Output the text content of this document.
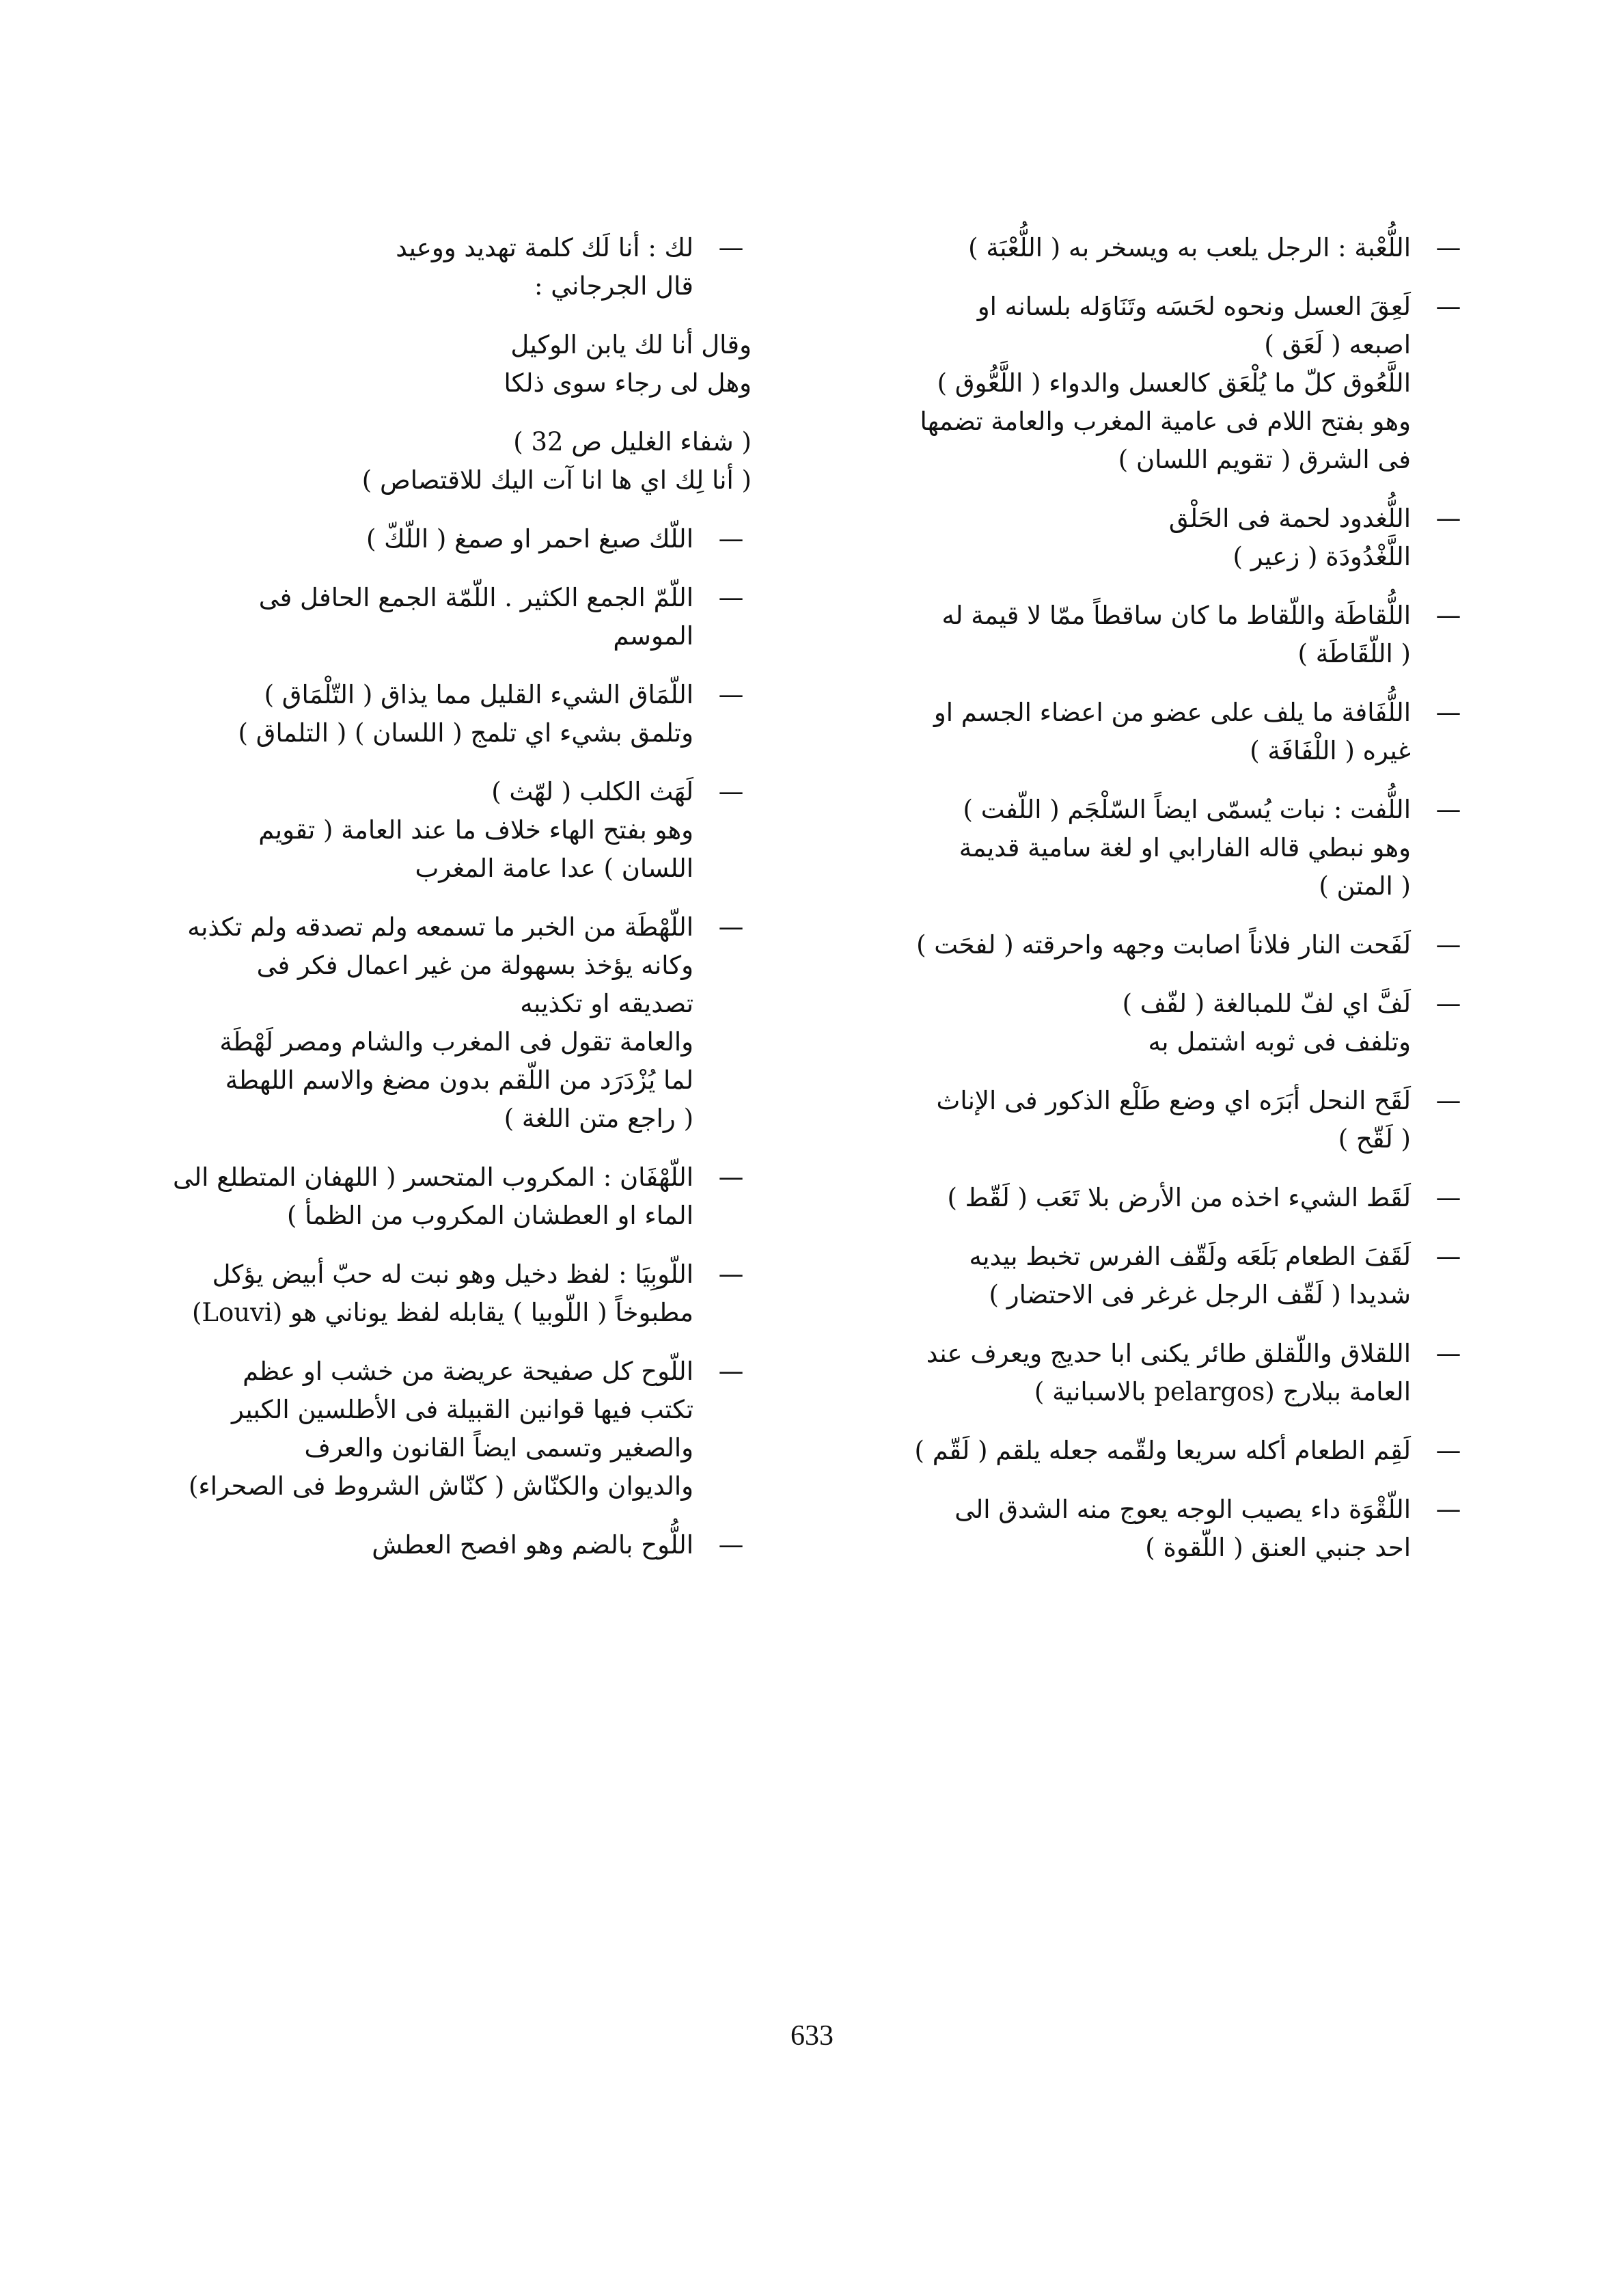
—

اللُّعْبة : الرجل يلعب به ويسخر به ( اللُّعْبَة )

—

لَعِقَ العسل ونحوه لحَسَه وتَنَاوَله بلسانه او

اصبعه ( لَعَق )

اللَّعُوق كلّ ما يُلْعَق كالعسل والدواء ( اللَّعُّوق )

وهو بفتح اللام فى عامية المغرب والعامة تضمها

فى الشرق ( تقويم اللسان )

—

اللُّغدود لحمة فى الحَلْق

اللَّغْدُودَة ( زعير )

—

اللُّقاطَة واللّقاط ما كان ساقطاً ممّا لا قيمة له

( اللّقَاطَة )

—

اللُّفَافة ما يلف على عضو من اعضاء الجسم او

غيره ( اللْفَافَة )

—

اللُّفت : نبات يُسمّى ايضاً السّلْجَم ( اللّفت )

وهو نبطي قاله الفارابي او لغة سامية قديمة

( المتن )

—

لَفَحت النار فلاناً اصابت وجهه واحرقته ( لفحَت )

—

لَفَّ اي لفّ للمبالغة ( لفّف )

وتلفف فى ثوبه اشتمل به

—

لَقَح النحل أبَرَه اي وضع طَلْع الذكور فى الإناث

( لَقّح )

—

لَقَط الشيء اخذه من الأرض بلا تَعَب ( لَقّط )

—

لَقَفَ الطعام بَلَعَه ولَقّف الفرس تخبط بيديه

شديدا ( لَقّف الرجل غرغر فى الاحتضار )

—

اللقلاق واللّقلق طائر يكنى ابا حديج ويعرف عند

العامة ببلارج (pelargos بالاسبانية )

—

لَقِم الطعام أكله سريعا ولقّمه جعله يلقم ( لَقّم )

—

اللّقْوَة داء يصيب الوجه يعوج منه الشدق الى

احد جنبي العنق ( اللّقوة )

—

لك : أنا لَك كلمة تهديد ووعيد

قال الجرجاني :

وقال أنا لك يابن الوكيل

وهل لى رجاء سوى ذلكا

( شفاء الغليل ص 32 )

( أنا لِك اي ها انا آت اليك للاقتصاص )

—

اللّك صبغ احمر او صمغ ( اللّكّ )

—

اللّمّ الجمع الكثير . اللّمّة الجمع الحافل فى

الموسم

—

اللّمَاق الشيء القليل مما يذاق ( التّلْمَاق )

وتلمق بشيء اي تلمج ( اللسان ) ( التلماق )

—

لَهَث الكلب ( لهّث )

وهو بفتح الهاء خلاف ما عند العامة ( تقويم

اللسان ) عدا عامة المغرب

—

اللّهْطَة من الخبر ما تسمعه ولم تصدقه ولم تكذبه

وكانه يؤخذ بسهولة من غير اعمال فكر فى

تصديقه او تكذيبه

والعامة تقول فى المغرب والشام ومصر لَهْطَة

لما يُزْدَرَد من اللّقم بدون مضغ والاسم اللهطة

( راجع متن اللغة )

—

اللّهْفَان : المكروب المتحسر ( اللهفان المتطلع الى

الماء او العطشان المكروب من الظمأ )

—

اللّوبِيَا : لفظ دخيل وهو نبت له حبّ أبيض يؤكل

مطبوخاً ( اللّوبيا ) يقابله لفظ يوناني هو (Louvi)

—

اللّوح كل صفيحة عريضة من خشب او عظم

تكتب فيها قوانين القبيلة فى الأطلسين الكبير

والصغير وتسمى ايضاً القانون والعرف

والديوان والكنّاش ( كنّاش الشروط فى الصحراء)

—

اللُّوح بالضم وهو افصح العطش

633
